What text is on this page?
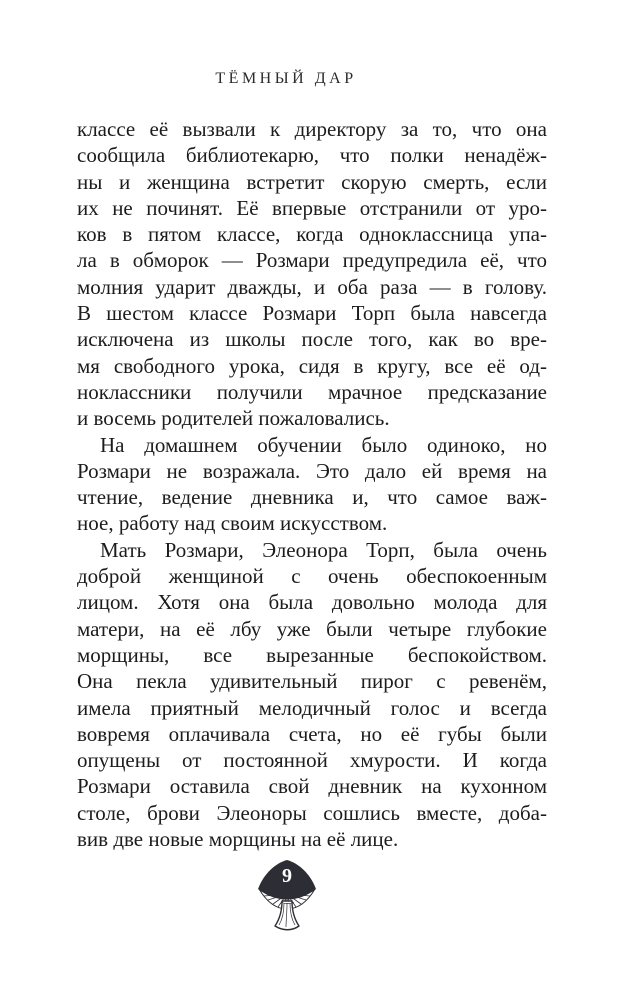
ТЁМНЫЙ ДАР
классе её вызвали к директору за то, что она
сообщила библиотекарю, что полки ненадёж-
ны и женщина встретит скорую смерть, если
их не починят. Её впервые отстранили от уро-
ков в пятом классе, когда одноклассница упа-
ла в обморок — Розмари предупредила её, что
молния ударит дважды, и оба раза — в голову.
В шестом классе Розмари Торп была навсегда
исключена из школы после того, как во вре-
мя свободного урока, сидя в кругу, все её од-
ноклассники получили мрачное предсказание
и восемь родителей пожаловались.
На домашнем обучении было одиноко, но
Розмари не возражала. Это дало ей время на
чтение, ведение дневника и, что самое важ-
ное, работу над своим искусством.
Мать Розмари, Элеонора Торп, была очень
доброй женщиной с очень обеспокоенным
лицом. Хотя она была довольно молода для
матери, на её лбу уже были четыре глубокие
морщины, все вырезанные беспокойством.
Она пекла удивительный пирог с ревенём,
имела приятный мелодичный голос и всегда
вовремя оплачивала счета, но её губы были
опущены от постоянной хмурости. И когда
Розмари оставила свой дневник на кухонном
столе, брови Элеоноры сошлись вместе, доба-
вив две новые морщины на её лице.
9
